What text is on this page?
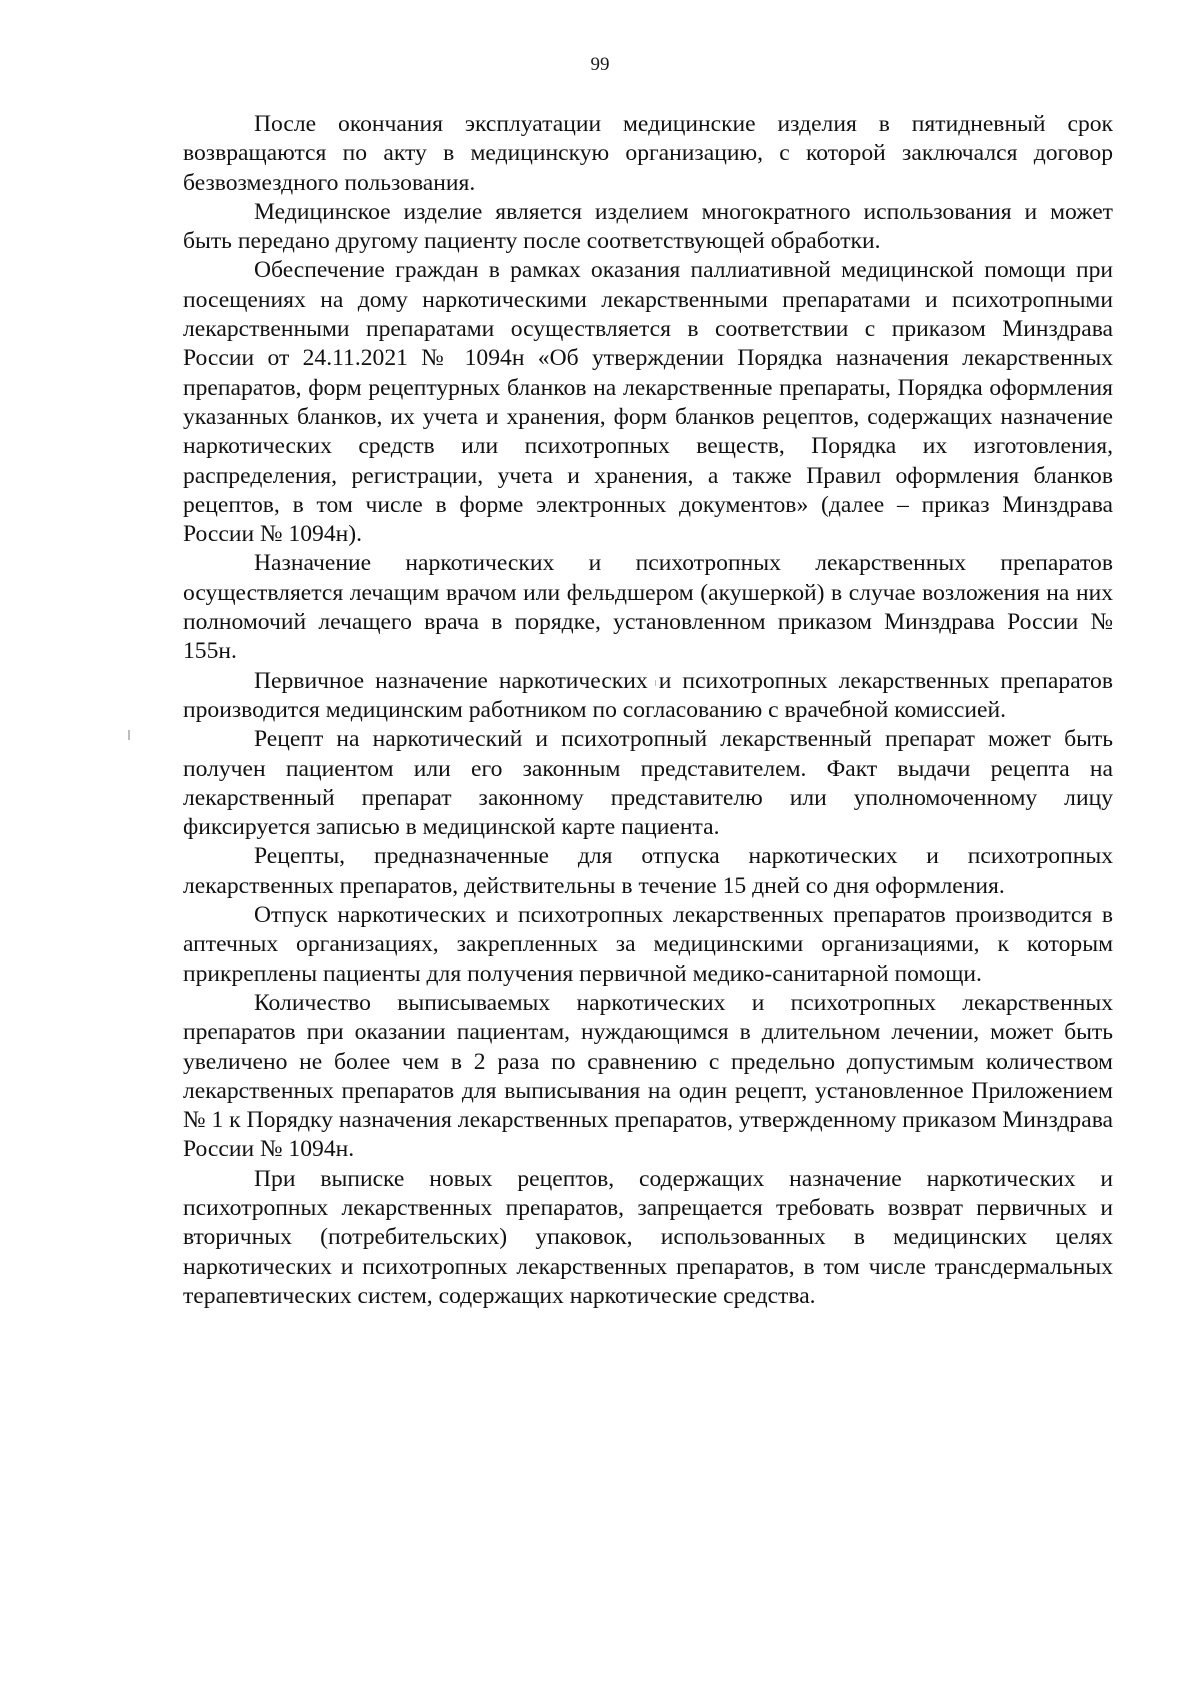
99

После окончания эксплуатации медицинские изделия в пятидневный срок возвращаются по акту в медицинскую организацию, с которой заключался договор безвозмездного пользования.

Медицинское изделие является изделием многократного использования и может быть передано другому пациенту после соответствующей обработки.

Обеспечение граждан в рамках оказания паллиативной медицинской помощи при посещениях на дому наркотическими лекарственными препаратами и психотропными лекарственными препаратами осуществляется в соответствии с приказом Минздрава России от 24.11.2021 № 1094н «Об утверждении Порядка назначения лекарственных препаратов, форм рецептурных бланков на лекарственные препараты, Порядка оформления указанных бланков, их учета и хранения, форм бланков рецептов, содержащих назначение наркотических средств или психотропных веществ, Порядка их изготовления, распределения, регистрации, учета и хранения, а также Правил оформления бланков рецептов, в том числе в форме электронных документов» (далее – приказ Минздрава России № 1094н).

Назначение наркотических и психотропных лекарственных препаратов осуществляется лечащим врачом или фельдшером (акушеркой) в случае возложения на них полномочий лечащего врача в порядке, установленном приказом Минздрава России № 155н.

Первичное назначение наркотических и психотропных лекарственных препаратов производится медицинским работником по согласованию с врачебной комиссией.

Рецепт на наркотический и психотропный лекарственный препарат может быть получен пациентом или его законным представителем. Факт выдачи рецепта на лекарственный препарат законному представителю или уполномоченному лицу фиксируется записью в медицинской карте пациента.

Рецепты, предназначенные для отпуска наркотических и психотропных лекарственных препаратов, действительны в течение 15 дней со дня оформления.

Отпуск наркотических и психотропных лекарственных препаратов производится в аптечных организациях, закрепленных за медицинскими организациями, к которым прикреплены пациенты для получения первичной медико-санитарной помощи.

Количество выписываемых наркотических и психотропных лекарственных препаратов при оказании пациентам, нуждающимся в длительном лечении, может быть увеличено не более чем в 2 раза по сравнению с предельно допустимым количеством лекарственных препаратов для выписывания на один рецепт, установленное Приложением № 1 к Порядку назначения лекарственных препаратов, утвержденному приказом Минздрава России № 1094н.

При выписке новых рецептов, содержащих назначение наркотических и психотропных лекарственных препаратов, запрещается требовать возврат первичных и вторичных (потребительских) упаковок, использованных в медицинских целях наркотических и психотропных лекарственных препаратов, в том числе трансдермальных терапевтических систем, содержащих наркотические средства.
